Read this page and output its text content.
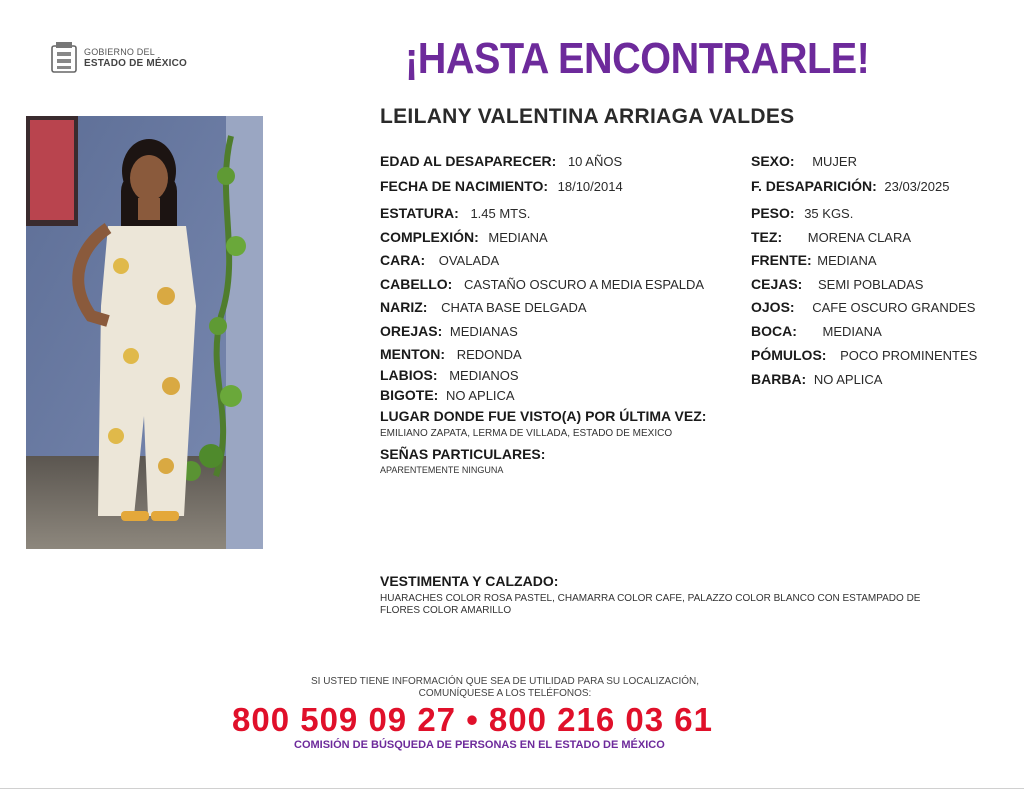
GOBIERNO DEL
ESTADO DE MÉXICO	¡HASTA ENCONTRARLE!
LEILANY VALENTINA ARRIAGA VALDES
EDAD AL DESAPARECER: 10 AÑOS
FECHA DE NACIMIENTO: 18/10/2014
ESTATURA: 1.45 MTS.
COMPLEXIÓN: MEDIANA
CARA: OVALADA
CABELLO: CASTAÑO OSCURO A MEDIA ESPALDA
NARIZ: CHATA BASE DELGADA
OREJAS: MEDIANAS
MENTON: REDONDA
LABIOS: MEDIANOS
BIGOTE: NO APLICA
SEXO: MUJER
F. DESAPARICIÓN: 23/03/2025
PESO: 35 KGS.
TEZ: MORENA CLARA
FRENTE: MEDIANA
CEJAS: SEMI POBLADAS
OJOS: CAFE OSCURO GRANDES
BOCA: MEDIANA
PÓMULOS: POCO PROMINENTES
BARBA: NO APLICA
LUGAR DONDE FUE VISTO(A) POR ÚLTIMA VEZ:
EMILIANO ZAPATA, LERMA DE VILLADA, ESTADO DE MEXICO
SEÑAS PARTICULARES:
APARENTEMENTE NINGUNA
VESTIMENTA Y CALZADO:
HUARACHES COLOR ROSA PASTEL, CHAMARRA COLOR CAFE, PALAZZO COLOR BLANCO CON ESTAMPADO DE
FLORES COLOR AMARILLO
SI USTED TIENE INFORMACIÓN QUE SEA DE UTILIDAD PARA SU LOCALIZACIÓN,
COMUNÍQUESE A LOS TELÉFONOS:
800 509 09 27 • 800 216 03 61
COMISIÓN DE BÚSQUEDA DE PERSONAS EN EL ESTADO DE MÉXICO
